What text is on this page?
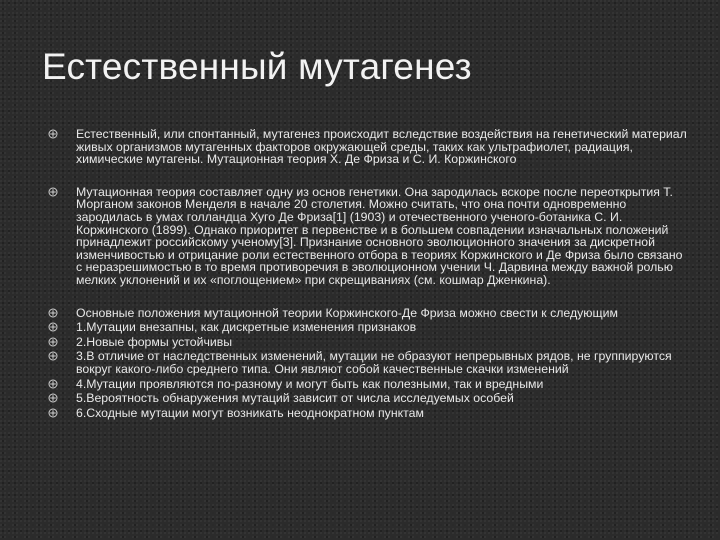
Естественный мутагенез
Естественный, или спонтанный, мутагенез происходит вследствие воздействия на генетический материал живых организмов мутагенных факторов окружающей среды, таких как ультрафиолет, радиация, химические мутагены. Мутационная теория Х. Де Фриза и С. И. Коржинского
Мутационная теория составляет одну из основ генетики. Она зародилась вскоре после переоткрытия Т. Морганом законов Менделя в начале 20 столетия. Можно считать, что она почти одновременно зародилась в умах голландца Хуго Де Фриза[1] (1903) и отечественного ученого-ботаника С. И. Коржинского (1899). Однако приоритет в первенстве и в большем совпадении изначальных положений принадлежит российскому ученому[3]. Признание основного эволюционного значения за дискретной изменчивостью и отрицание роли естественного отбора в теориях Коржинского и Де Фриза было связано с неразрешимостью в то время противоречия в эволюционном учении Ч. Дарвина между важной ролью мелких уклонений и их «поглощением» при скрещиваниях (см. кошмар Дженкина).
Основные положения мутационной теории Коржинского-Де Фриза можно свести к следующим
1.Мутации внезапны, как дискретные изменения признаков
2.Новые формы устойчивы
3.В отличие от наследственных изменений, мутации не образуют непрерывных рядов, не группируются вокруг какого-либо среднего типа. Они являют собой качественные скачки изменений
4.Мутации проявляются по-разному и могут быть как полезными, так и вредными
5.Вероятность обнаружения мутаций зависит от числа исследуемых особей
6.Сходные мутации могут возникать неоднократном пунктам
